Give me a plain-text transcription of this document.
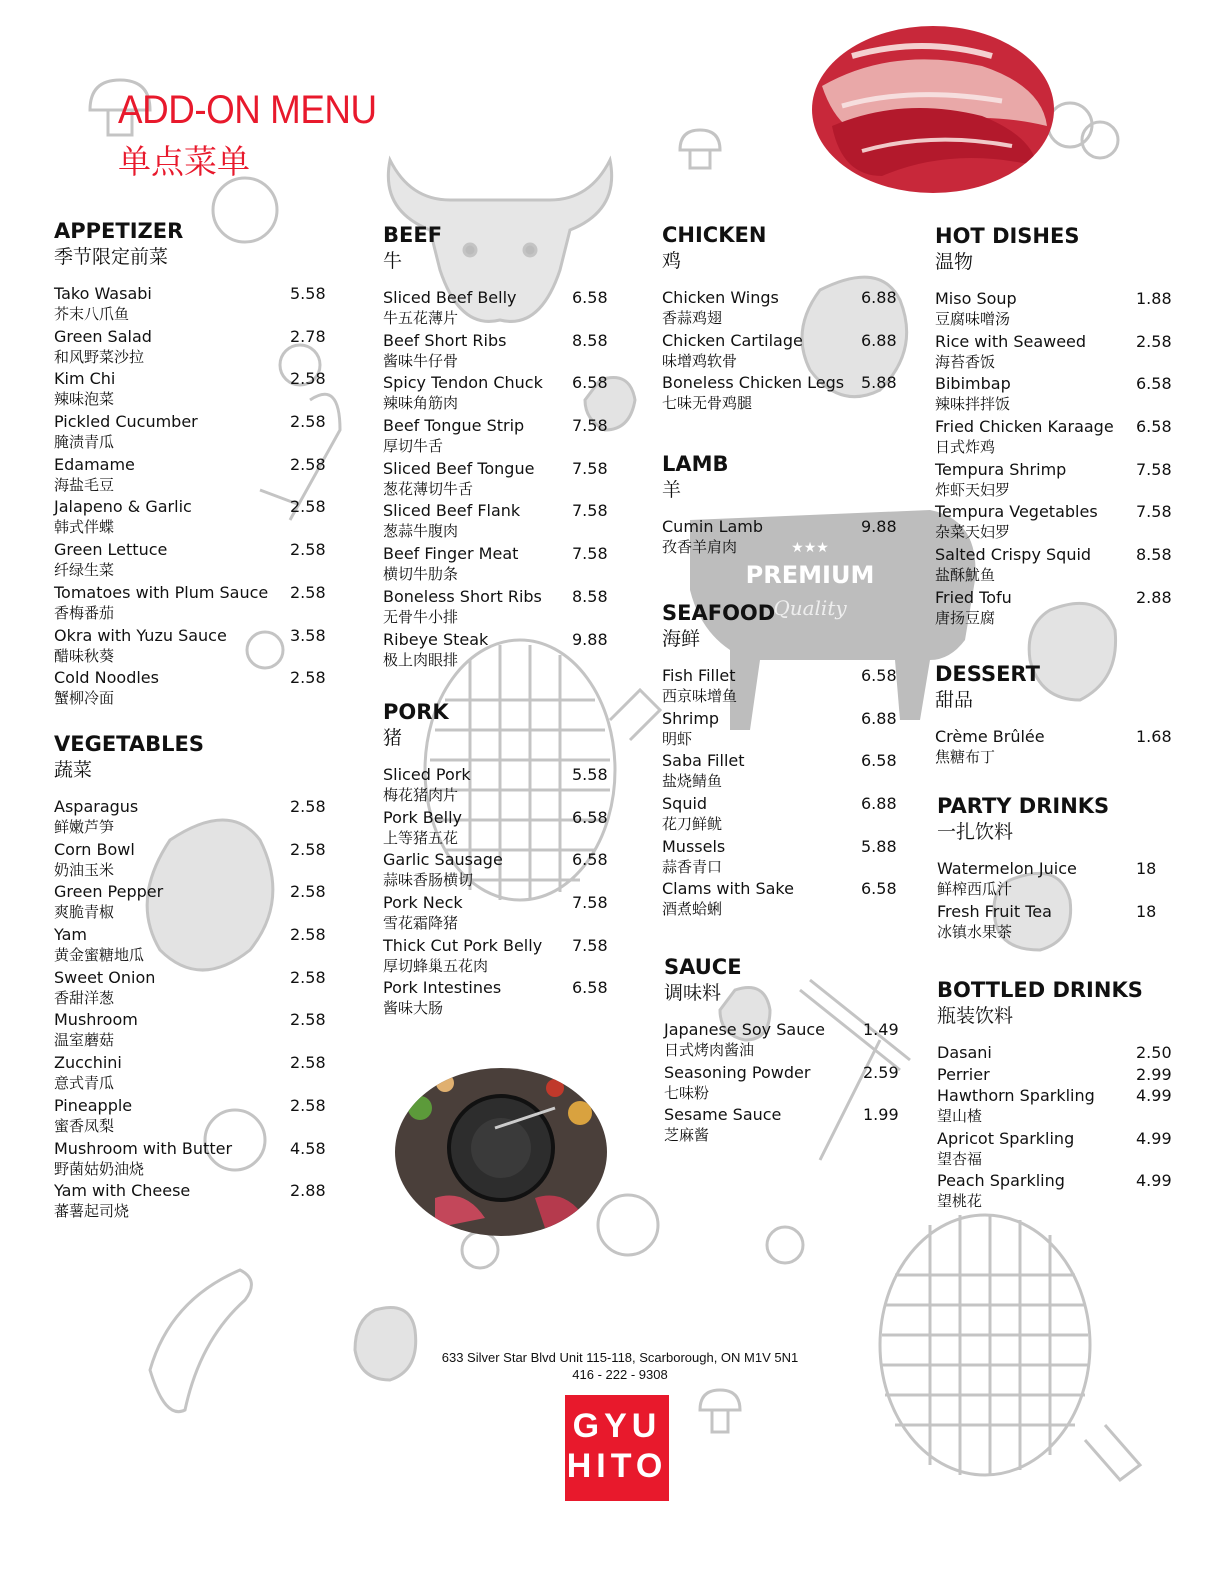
★★★
PREMIUM
Quality
ADD-ON MENU
单点菜单
APPETIZER
季节限定前菜
Tako Wasabi
芥末八爪鱼
5.58
Green Salad
和风野菜沙拉
2.78
Kim Chi
辣味泡菜
2.58
Pickled Cucumber
腌渍青瓜
2.58
Edamame
海盐毛豆
2.58
Jalapeno & Garlic
韩式伴蝶
2.58
Green Lettuce
纤绿生菜
2.58
Tomatoes with Plum Sauce
香梅番茄
2.58
Okra with Yuzu Sauce
醋味秋葵
3.58
Cold Noodles
蟹柳冷面
2.58
VEGETABLES
蔬菜
Asparagus
鲜嫩芦笋
2.58
Corn Bowl
奶油玉米
2.58
Green Pepper
爽脆青椒
2.58
Yam
黄金蜜糖地瓜
2.58
Sweet Onion
香甜洋葱
2.58
Mushroom
温室蘑菇
2.58
Zucchini
意式青瓜
2.58
Pineapple
蜜香凤梨
2.58
Mushroom with Butter
野菌姑奶油烧
4.58
Yam with Cheese
蕃薯起司烧
2.88
BEEF
牛
Sliced Beef Belly
牛五花薄片
6.58
Beef Short Ribs
酱味牛仔骨
8.58
Spicy Tendon Chuck
辣味角筋肉
6.58
Beef Tongue Strip
厚切牛舌
7.58
Sliced Beef Tongue
葱花薄切牛舌
7.58
Sliced Beef Flank
葱蒜牛腹肉
7.58
Beef Finger Meat
横切牛肋条
7.58
Boneless Short Ribs
无骨牛小排
8.58
Ribeye Steak
极上肉眼排
9.88
PORK
猪
Sliced Pork
梅花猪肉片
5.58
Pork Belly
上等猪五花
6.58
Garlic Sausage
蒜味香肠横切
6.58
Pork Neck
雪花霜降猪
7.58
Thick Cut Pork Belly
厚切蜂巢五花肉
7.58
Pork Intestines
酱味大肠
6.58
CHICKEN
鸡
Chicken Wings
香蒜鸡翅
6.88
Chicken Cartilage
味增鸡软骨
6.88
Boneless Chicken Legs
七味无骨鸡腿
5.88
LAMB
羊
Cumin Lamb
孜香羊肩肉
9.88
SEAFOOD
海鲜
Fish Fillet
西京味增鱼
6.58
Shrimp
明虾
6.88
Saba Fillet
盐烧鲭鱼
6.58
Squid
花刀鲜鱿
6.88
Mussels
蒜香青口
5.88
Clams with Sake
酒煮蛤蜊
6.58
SAUCE
调味料
Japanese Soy Sauce
日式烤肉酱油
1.49
Seasoning Powder
七味粉
2.59
Sesame Sauce
芝麻酱
1.99
HOT DISHES
温物
Miso Soup
豆腐味噌汤
1.88
Rice with Seaweed
海苔香饭
2.58
Bibimbap
辣味拌拌饭
6.58
Fried Chicken Karaage
日式炸鸡
6.58
Tempura Shrimp
炸虾天妇罗
7.58
Tempura Vegetables
杂菜天妇罗
7.58
Salted Crispy Squid
盐酥魷鱼
8.58
Fried Tofu
唐扬豆腐
2.88
DESSERT
甜品
Crème Brûlée
焦糖布丁
1.68
PARTY DRINKS
一扎饮料
Watermelon Juice
鲜榨西瓜汁
18
Fresh Fruit Tea
冰镇水果茶
18
BOTTLED DRINKS
瓶装饮料
Dasani	2.50
Perrier	2.99
Hawthorn Sparkling
望山楂
4.99
Apricot Sparkling
望杏福
4.99
Peach Sparkling
望桃花
4.99
633 Silver Star Blvd Unit 115-118, Scarborough, ON M1V 5N1
416 - 222 - 9308
GYU
HITO
